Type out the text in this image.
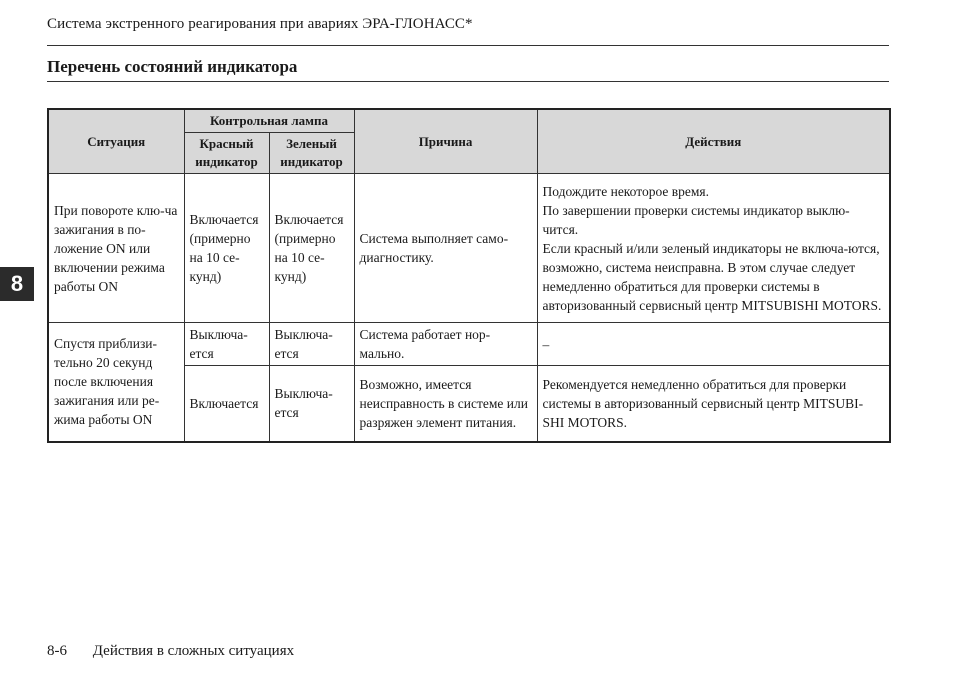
Система экстренного реагирования при авариях ЭРА-ГЛОНАСС*
Перечень состояний индикатора
8
Ситуация	Контрольная лампа		Причина	Действия
	Красный индикатор	Зеленый индикатор		
При повороте клю-ча зажигания в по-ложение ON или включении режима работы ON	Включается (примерно на 10 се-кунд)	Включается (примерно на 10 се-кунд)	Система выполняет само-диагностику.	Подождите некоторое время.
По завершении проверки системы индикатор выклю-чится.
Если красный и/или зеленый индикаторы не включа-ются, возможно, система неисправна. В этом случае следует немедленно обратиться для проверки системы в авторизованный сервисный центр MITSUBISHI MOTORS.

Спустя приблизи-тельно 20 секунд после включения зажигания или ре-жима работы ON	Выключа-ется	Выключа-ется	Система работает нор-мально.	–
	Включается	Выключа-ется	Возможно, имеется неисправность в системе или разряжен элемент питания.	Рекомендуется немедленно обратиться для проверки системы в авторизованный сервисный центр MITSUBI-SHI MOTORS.
8-6 Действия в сложных ситуациях
